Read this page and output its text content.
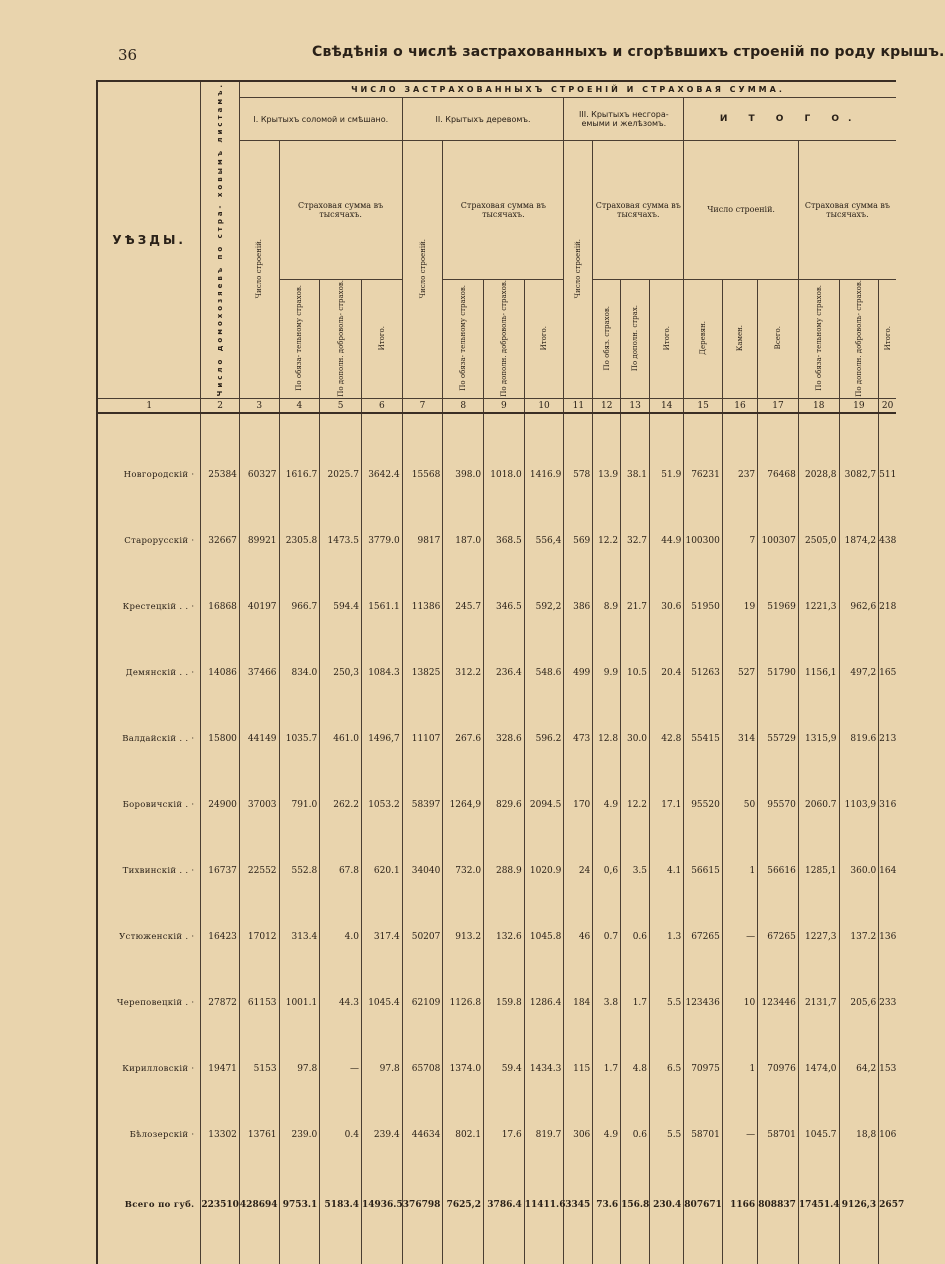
36	Свѣдѣнія о числѣ застрахованныхъ и сгорѣвшихъ строеній по роду крышъ.
УѢЗДЫ.	Число домохозяевъ по стра- ховымъ листамъ.	ЧИСЛО ЗАСТРАХОВАННЫХЪ СТРОЕНІЙ И СТРАХОВАЯ СУММА.																	
		I. Крытыхъ соломой и смѣшано.				II. Крытыхъ деревомъ.				III. Крытыхъ несгора- емыми и желѣзомъ.				И Т О Г О.					
		Число строеній.	Страховая сумма въ тысячахъ.			Число строеній.	Страховая сумма въ тысячахъ.			Число строеній.	Страховая сумма въ тысячахъ.			Число строеній.			Страховая сумма въ тысячахъ.		
			По обяза- тельному страхов.	По дополн. доброволь- страхов.	Итого.		По обяза- тельному страхов.	По дополн. доброволь- страхов.	Итого.		По обяз. страхов.	По дополн. страх.	Итого.	Деревян.	Камен.	Всего.	По обяза- тельному страхов.	По дополн. доброволь- страхов.	Итого.
1	2	3	4	5	6	7	8	9	10	11	12	13	14	15	16	17	18	19	20

Новгородскій ·	25384	60327	1616.7	2025.7	3642.4	15568	398.0	1018.0	1416.9	578	13.9	38.1	51.9	76231	237	76468	2028,8	3082,7	511
Старорусскій ·	32667	89921	2305.8	1473.5	3779.0	9817	187.0	368.5	556,4	569	12.2	32.7	44.9	100300	7	100307	2505,0	1874,2	438
Крестецкій . . ·	16868	40197	966.7	594.4	1561.1	11386	245.7	346.5	592,2	386	8.9	21.7	30.6	51950	19	51969	1221,3	962,6	218
Демянскій . . ·	14086	37466	834.0	250,3	1084.3	13825	312.2	236.4	548.6	499	9.9	10.5	20.4	51263	527	51790	1156,1	497,2	165
Валдайскій . . ·	15800	44149	1035.7	461.0	1496,7	11107	267.6	328.6	596.2	473	12.8	30.0	42.8	55415	314	55729	1315,9	819.6	213
Боровичскій . ·	24900	37003	791.0	262.2	1053.2	58397	1264,9	829.6	2094.5	170	4.9	12.2	17.1	95520	50	95570	2060.7	1103,9	316
Тихвинскій . . ·	16737	22552	552.8	67.8	620.1	34040	732.0	288.9	1020.9	24	0,6	3.5	4.1	56615	1	56616	1285,1	360.0	164
Устюженскій . ·	16423	17012	313.4	4.0	317.4	50207	913.2	132.6	1045.8	46	0.7	0.6	1.3	67265	—	67265	1227,3	137.2	136
Череповецкій . ·	27872	61153	1001.1	44.3	1045.4	62109	1126.8	159.8	1286.4	184	3.8	1.7	5.5	123436	10	123446	2131,7	205,6	233
Кирилловскій ·	19471	5153	97.8	—	97.8	65708	1374.0	59.4	1434.3	115	1.7	4.8	6.5	70975	1	70976	1474,0	64,2	153
Бѣлозерскій ·	13302	13761	239.0	0.4	239.4	44634	802.1	17.6	819.7	306	4.9	0.6	5.5	58701	—	58701	1045.7	18,8	106
Всего по губ.	223510	428694	9753.1	5183.4	14936.5	376798	7625,2	3786.4	11411.6	3345	73.6	156.8	230.4	807671	1166	808837	17451.4	9126,3	2657
